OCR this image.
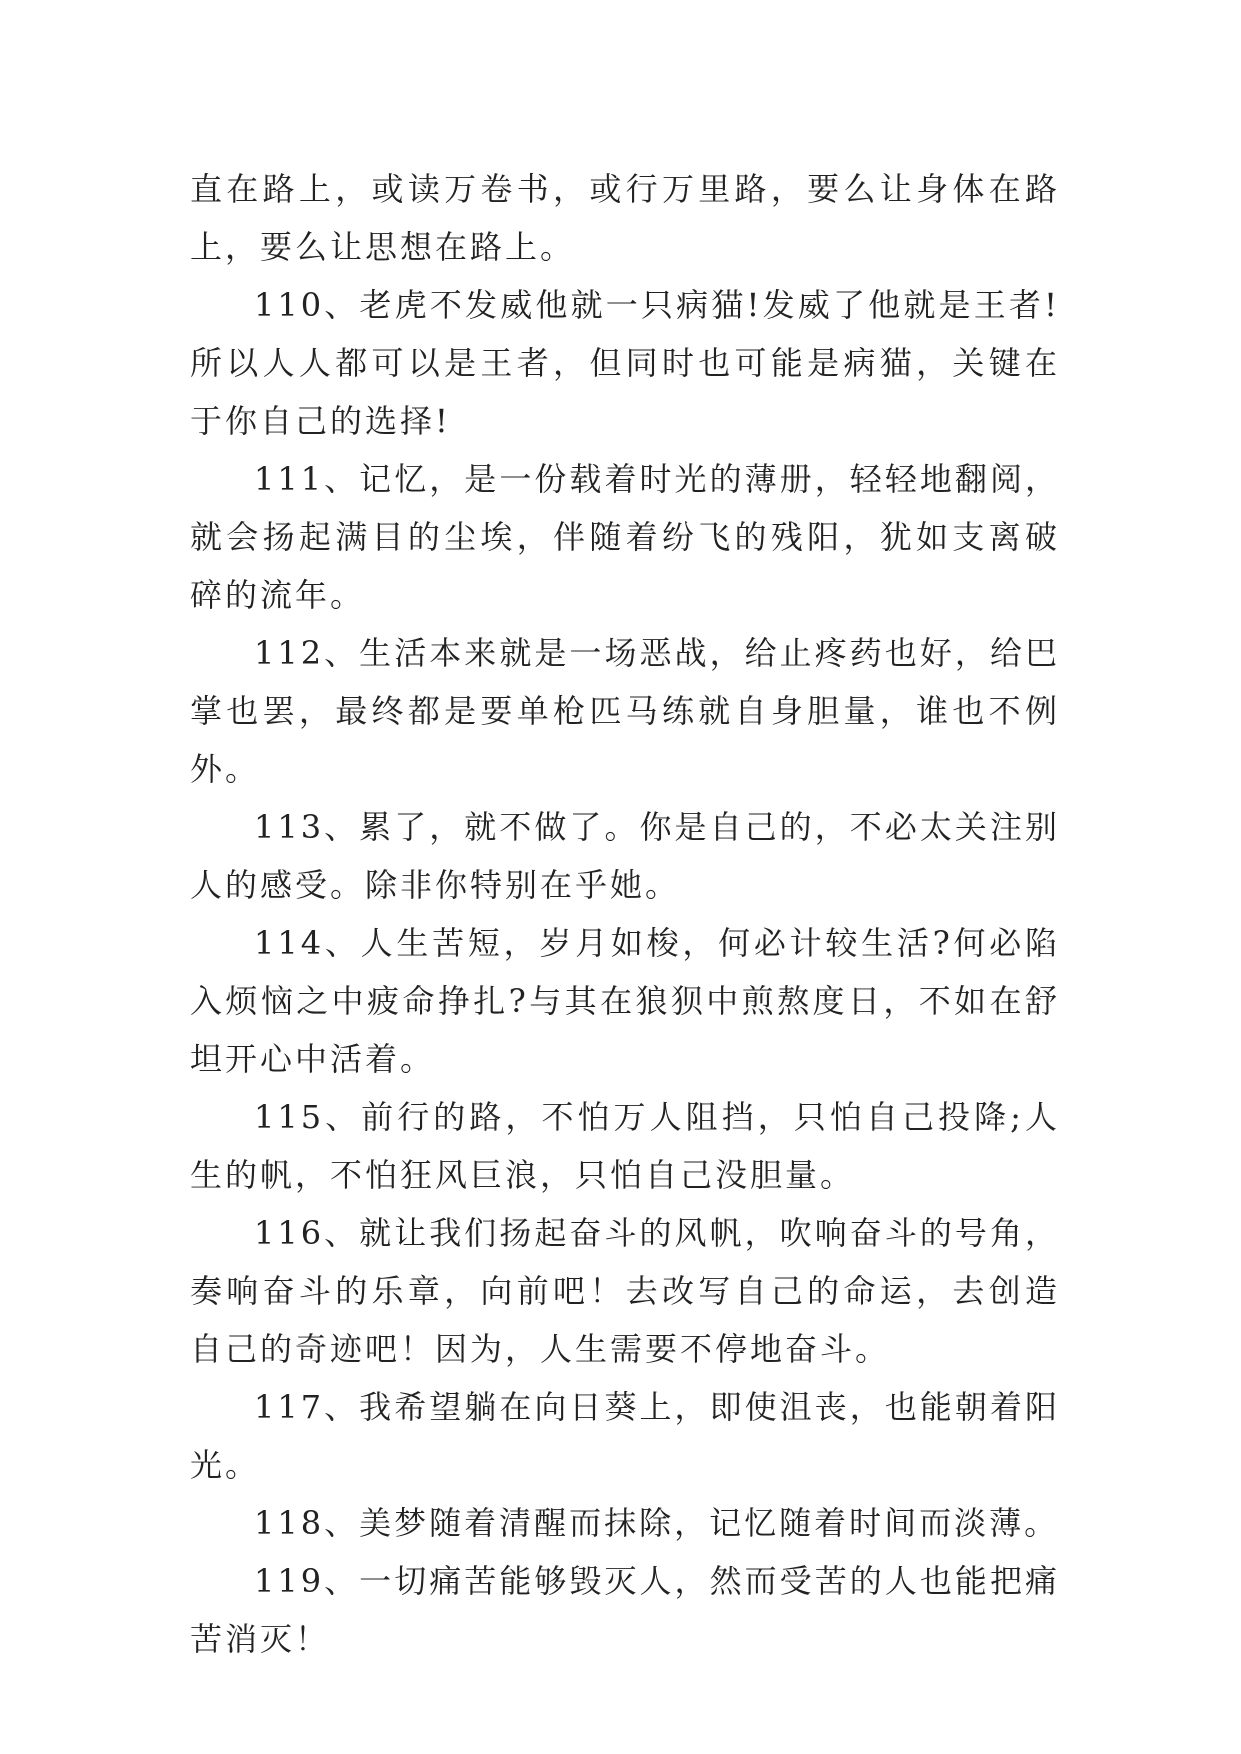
直在路上，或读万卷书，或行万里路，要么让身体在路上，要么让思想在路上。

110、老虎不发威他就一只病猫!发威了他就是王者!所以人人都可以是王者，但同时也可能是病猫，关键在于你自己的选择!

111、记忆，是一份载着时光的薄册，轻轻地翻阅，就会扬起满目的尘埃，伴随着纷飞的残阳，犹如支离破碎的流年。

112、生活本来就是一场恶战，给止疼药也好，给巴掌也罢，最终都是要单枪匹马练就自身胆量，谁也不例外。

113、累了，就不做了。你是自己的，不必太关注别人的感受。除非你特别在乎她。

114、人生苦短，岁月如梭，何必计较生活?何必陷入烦恼之中疲命挣扎?与其在狼狈中煎熬度日，不如在舒坦开心中活着。

115、前行的路，不怕万人阻挡，只怕自己投降;人生的帆，不怕狂风巨浪，只怕自己没胆量。

116、就让我们扬起奋斗的风帆，吹响奋斗的号角，奏响奋斗的乐章，向前吧！去改写自己的命运，去创造自己的奇迹吧！因为，人生需要不停地奋斗。

117、我希望躺在向日葵上，即使沮丧，也能朝着阳光。

118、美梦随着清醒而抹除，记忆随着时间而淡薄。

119、一切痛苦能够毁灭人，然而受苦的人也能把痛苦消灭！
